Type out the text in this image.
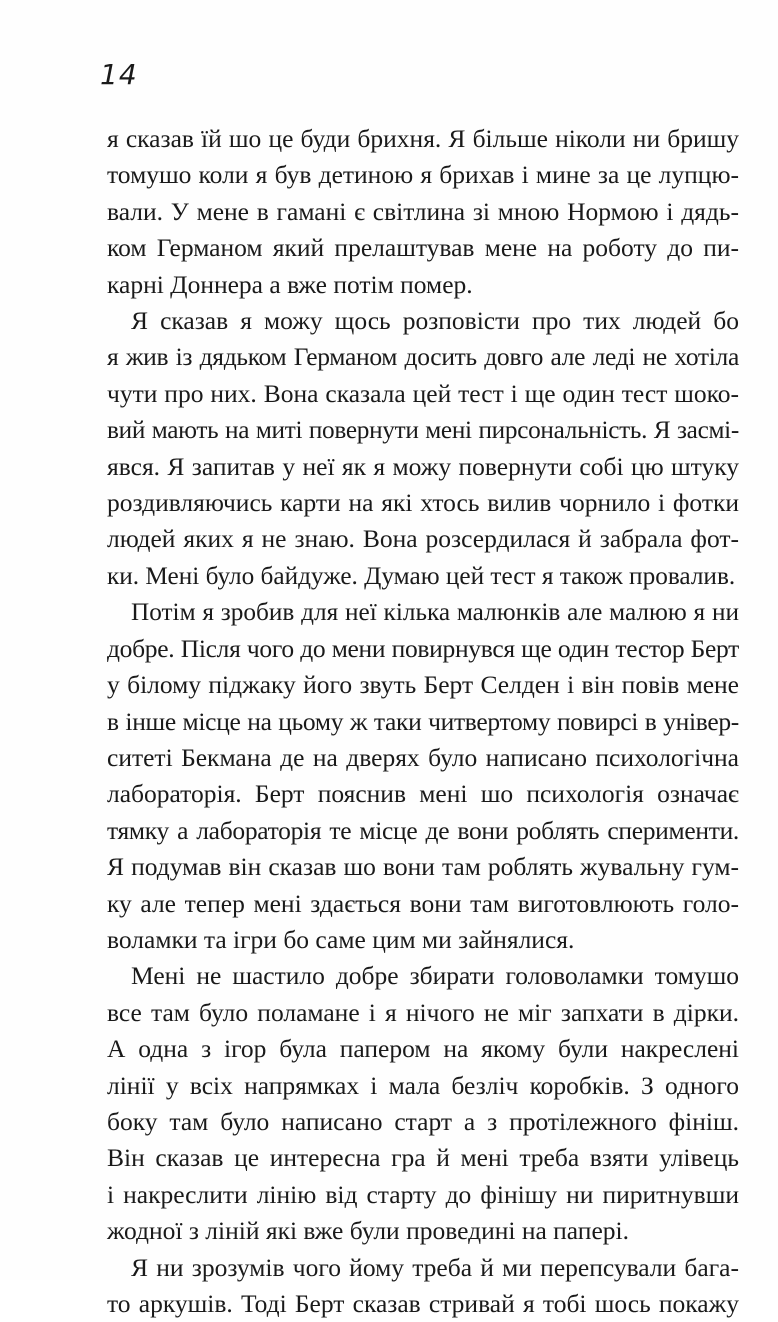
14
я сказав їй шо це буди брихня. Я більше ніколи ни бришу
томушо коли я був детиною я брихав і мине за це лупцю-
вали. У мене в гамані є світлина зі мною Нормою і дядь-
ком Германом який прелаштував мене на роботу до пи-
карні Доннера а вже потім помер.
Я сказав я можу щось розповісти про тих людей бо
я жив із дядьком Германом досить довго але леді не хотіла
чути про них. Вона сказала цей тест і ще один тест шоко-
вий мають на миті повернути мені пирсональність. Я засмі-
явся. Я запитав у неї як я можу повернути собі цю штуку
роздивляючись карти на які хтось вилив чорнило і фотки
людей яких я не знаю. Вона розсердилася й забрала фот-
ки. Мені було байдуже. Думаю цей тест я також провалив.
Потім я зробив для неї кілька малюнків але малюю я ни
добре. Після чого до мени повирнувся ще один тестор Берт
у білому піджаку його звуть Берт Селден і він повів мене
в інше місце на цьому ж таки читвертому повирсі в універ-
ситеті Бекмана де на дверях було написано психологічна
лабораторія. Берт пояснив мені шо психологія означає
тямку а лабораторія те місце де вони роблять сперименти.
Я подумав він сказав шо вони там роблять жувальну гум-
ку але тепер мені здається вони там виготовлюють голо-
воламки та ігри бо саме цим ми зайнялися.
Мені не шастило добре збирати головоламки томушо
все там було поламане і я нічого не міг запхати в дірки.
А одна з ігор була папером на якому були накреслені
лінії у всіх напрямках і мала безліч коробків. З одного
боку там було написано старт а з протілежного фініш.
Він сказав це интересна гра й мені треба взяти улівець
і накреслити лінію від старту до фінішу ни пиритнувши
жодної з ліній які вже були проведині на папері.
Я ни зрозумів чого йому треба й ми перепсували бага-
то аркушів. Тоді Берт сказав стривай я тобі шось покажу
